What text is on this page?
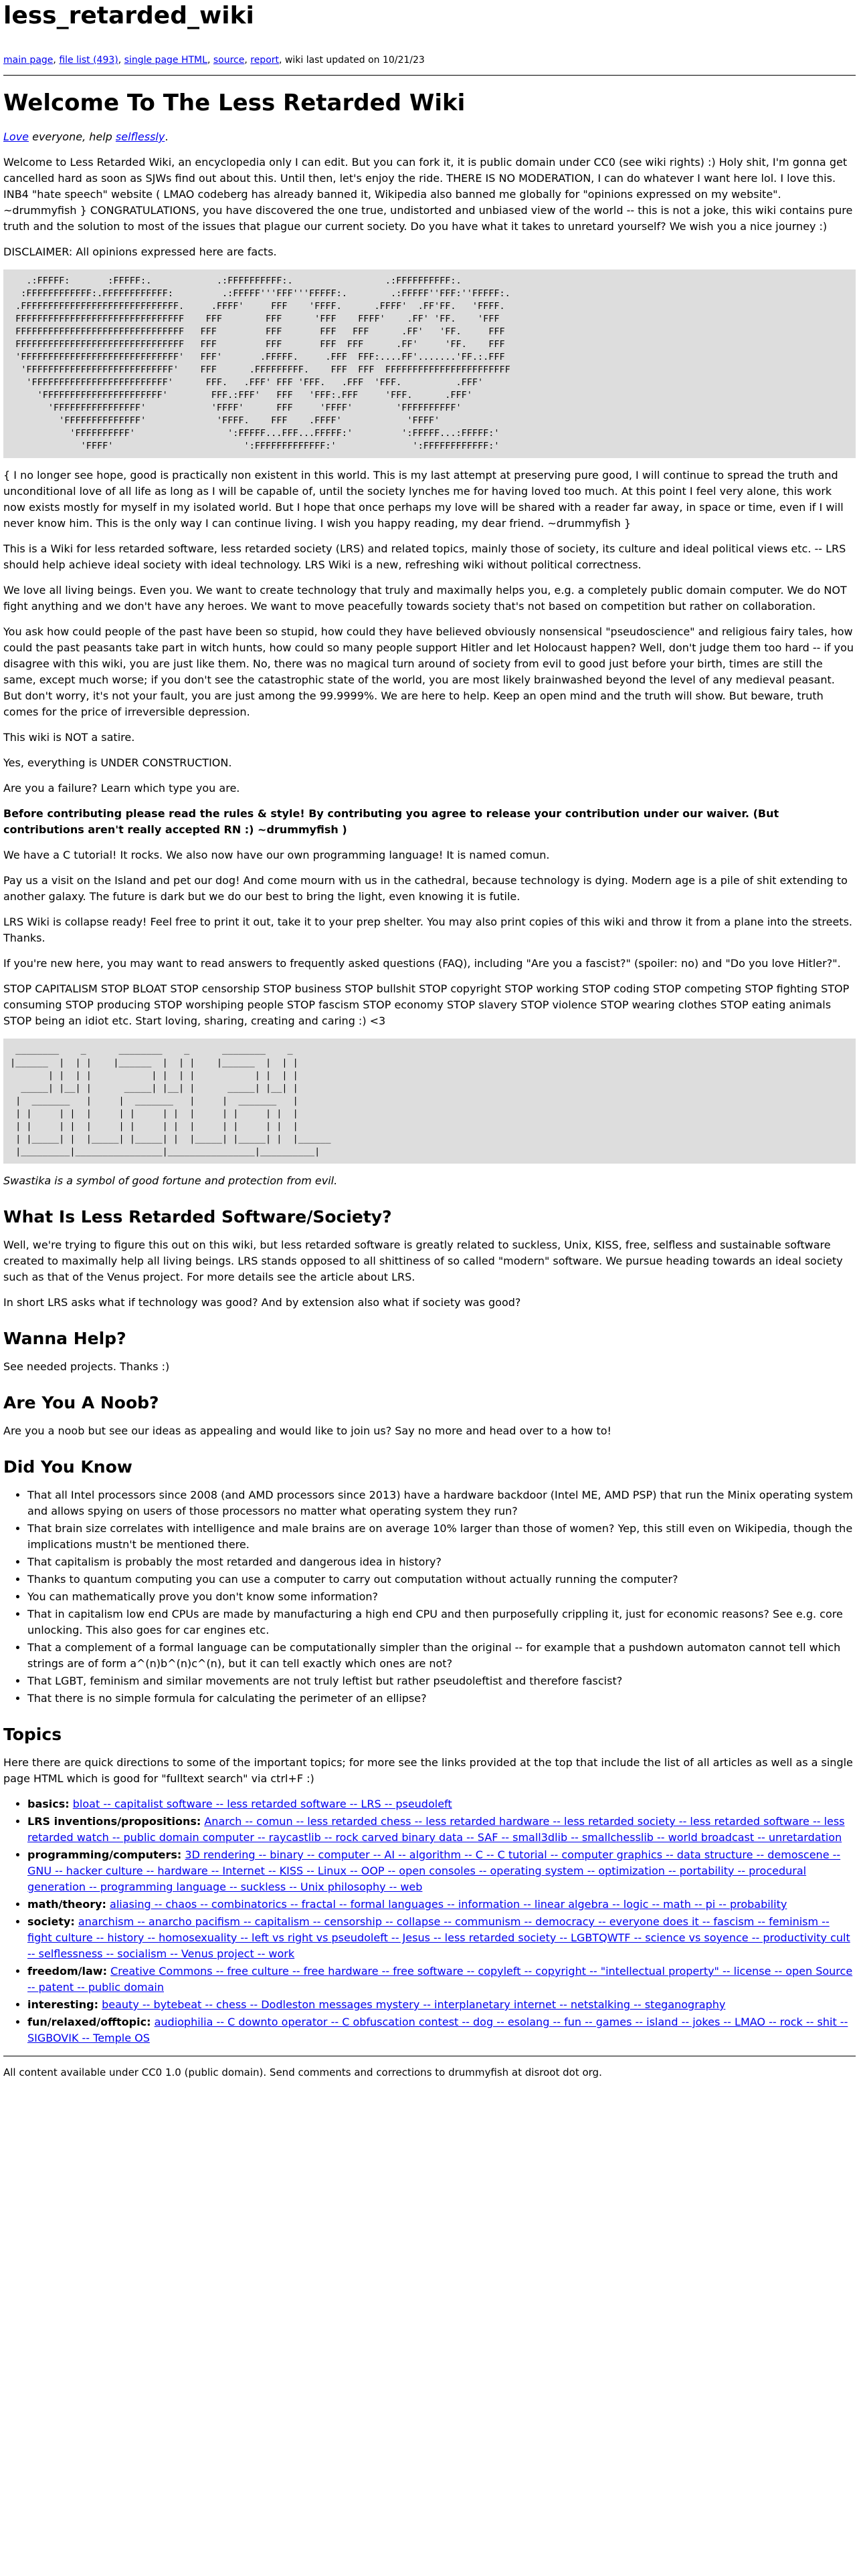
less_retarded_wiki
main page, file list (493), single page HTML, source, report, wiki last updated on 10/21/23
Welcome To The Less Retarded Wiki

Love everyone, help selflessly.

Welcome to Less Retarded Wiki, an encyclopedia only I can edit. But you can fork it, it is public domain under CC0 (see wiki rights) :) Holy shit, I'm gonna get cancelled hard as soon as SJWs find out about this. Until then, let's enjoy the ride. THERE IS NO MODERATION, I can do whatever I want here lol. I love this. INB4 "hate speech" website ( LMAO codeberg has already banned it, Wikipedia also banned me globally for "opinions expressed on my website". ~drummyfish } CONGRATULATIONS, you have discovered the one true, undistorted and unbiased view of the world -- this is not a joke, this wiki contains pure truth and the solution to most of the issues that plague our current society. Do you have what it takes to unretard yourself? We wish you a nice journey :)

DISCLAIMER: All opinions expressed here are facts.

.:FFFFF:       :FFFFF:.            .:FFFFFFFFFF:.                 .:FFFFFFFFFF:.
:FFFFFFFFFFFF:.FFFFFFFFFFFF:         .:FFFFF'''FFF'''FFFFF:.        .:FFFFF''FFF:''FFFFF:.
.FFFFFFFFFFFFFFFFFFFFFFFFFFFFF.     .FFFF'     FFF    'FFFF.      .FFFF'  .FF'FF.   'FFFF.
FFFFFFFFFFFFFFFFFFFFFFFFFFFFFFF    FFF        FFF      'FFF    FFFF'    .FF' 'FF.    'FFF
FFFFFFFFFFFFFFFFFFFFFFFFFFFFFFF   FFF         FFF       FFF   FFF      .FF'   'FF.     FFF
FFFFFFFFFFFFFFFFFFFFFFFFFFFFFFF   FFF         FFF       FFF  FFF      .FF'     'FF.    FFF
'FFFFFFFFFFFFFFFFFFFFFFFFFFFFF'   FFF'       .FFFFF.     .FFF  FFF:....FF'.......'FF.:.FFF
'FFFFFFFFFFFFFFFFFFFFFFFFFFF'    FFF      .FFFFFFFFF.    FFF  FFF  FFFFFFFFFFFFFFFFFFFFFFF
'FFFFFFFFFFFFFFFFFFFFFFFFF'      FFF.   .FFF' FFF 'FFF.   .FFF  'FFF.          .FFF'
'FFFFFFFFFFFFFFFFFFFFFF'        FFF.:FFF'   FFF   'FFF:.FFF     'FFF.      .FFF'
'FFFFFFFFFFFFFFFF'            'FFFF'      FFF     'FFFF'        'FFFFFFFFFF'
'FFFFFFFFFFFFFF'             'FFFF.    FFF    .FFFF'            'FFFF'
'FFFFFFFFFF'                 ':FFFFF...FFF...FFFFF:'         ':FFFFF...:FFFFF:'
'FFFF'                        ':FFFFFFFFFFFFF:'              ':FFFFFFFFFFFF:'

{ I no longer see hope, good is practically non existent in this world. This is my last attempt at preserving pure good, I will continue to spread the truth and unconditional love of all life as long as I will be capable of, until the society lynches me for having loved too much. At this point I feel very alone, this work now exists mostly for myself in my isolated world. But I hope that once perhaps my love will be shared with a reader far away, in space or time, even if I will never know him. This is the only way I can continue living. I wish you happy reading, my dear friend. ~drummyfish }

This is a Wiki for less retarded software, less retarded society (LRS) and related topics, mainly those of society, its culture and ideal political views etc. -- LRS should help achieve ideal society with ideal technology. LRS Wiki is a new, refreshing wiki without political correctness.

We love all living beings. Even you. We want to create technology that truly and maximally helps you, e.g. a completely public domain computer. We do NOT fight anything and we don't have any heroes. We want to move peacefully towards society that's not based on competition but rather on collaboration.

You ask how could people of the past have been so stupid, how could they have believed obviously nonsensical "pseudoscience" and religious fairy tales, how could the past peasants take part in witch hunts, how could so many people support Hitler and let Holocaust happen? Well, don't judge them too hard -- if you disagree with this wiki, you are just like them. No, there was no magical turn around of society from evil to good just before your birth, times are still the same, except much worse; if you don't see the catastrophic state of the world, you are most likely brainwashed beyond the level of any medieval peasant. But don't worry, it's not your fault, you are just among the 99.9999%. We are here to help. Keep an open mind and the truth will show. But beware, truth comes for the price of irreversible depression.

This wiki is NOT a satire.

Yes, everything is UNDER CONSTRUCTION.

Are you a failure? Learn which type you are.

Before contributing please read the rules & style! By contributing you agree to release your contribution under our waiver. (But contributions aren't really accepted RN :) ~drummyfish )

We have a C tutorial! It rocks. We also now have our own programming language! It is named comun.

Pay us a visit on the Island and pet our dog! And come mourn with us in the cathedral, because technology is dying. Modern age is a pile of shit extending to another galaxy. The future is dark but we do our best to bring the light, even knowing it is futile.

LRS Wiki is collapse ready! Feel free to print it out, take it to your prep shelter. You may also print copies of this wiki and throw it from a plane into the streets. Thanks.

If you're new here, you may want to read answers to frequently asked questions (FAQ), including "Are you a fascist?" (spoiler: no) and "Do you love Hitler?".

STOP CAPITALISM STOP BLOAT STOP censorship STOP business STOP bullshit STOP copyright STOP working STOP coding STOP competing STOP fighting STOP consuming STOP producing STOP worshiping people STOP fascism STOP economy STOP slavery STOP violence STOP wearing clothes STOP eating animals STOP being an idiot etc. Start loving, sharing, creating and caring :) <3

________    _      ________    _      ________    _
|______  |  | |    |______  |  | |    |______  |  | |
| |  | |           | |  | |           | |  | |
_____| |__| |      _____| |__| |      _____| |__| |
|  _______   |     |  _______   |     |  _______   |
| |     | |  |     | |     | |  |     | |     | |  |
| |     | |  |     | |     | |  |     | |     | |  |
| |_____| |  |_____| |_____| |  |_____| |_____| |  |______
|_________|________________|________________|__________|

Swastika is a symbol of good fortune and protection from evil.

What Is Less Retarded Software/Society?

Well, we're trying to figure this out on this wiki, but less retarded software is greatly related to suckless, Unix, KISS, free, selfless and sustainable software created to maximally help all living beings. LRS stands opposed to all shittiness of so called "modern" software. We pursue heading towards an ideal society such as that of the Venus project. For more details see the article about LRS.

In short LRS asks what if technology was good? And by extension also what if society was good?

Wanna Help?

See needed projects. Thanks :)

Are You A Noob?

Are you a noob but see our ideas as appealing and would like to join us? Say no more and head over to a how to!

Did You Know
• That all Intel processors since 2008 (and AMD processors since 2013) have a hardware backdoor (Intel ME, AMD PSP) that run the Minix operating system and allows spying on users of those processors no matter what operating system they run?
• That brain size correlates with intelligence and male brains are on average 10% larger than those of women? Yep, this still even on Wikipedia, though the implications mustn't be mentioned there.
• That capitalism is probably the most retarded and dangerous idea in history?
• Thanks to quantum computing you can use a computer to carry out computation without actually running the computer?
• You can mathematically prove you don't know some information?
• That in capitalism low end CPUs are made by manufacturing a high end CPU and then purposefully crippling it, just for economic reasons? See e.g. core unlocking. This also goes for car engines etc.
• That a complement of a formal language can be computationally simpler than the original -- for example that a pushdown automaton cannot tell which strings are of form a^(n)b^(n)c^(n), but it can tell exactly which ones are not?
• That LGBT, feminism and similar movements are not truly leftist but rather pseudoleftist and therefore fascist?
• That there is no simple formula for calculating the perimeter of an ellipse?
Topics

Here there are quick directions to some of the important topics; for more see the links provided at the top that include the list of all articles as well as a single page HTML which is good for "fulltext search" via ctrl+F :)

• basics: bloat -- capitalist software -- less retarded software -- LRS -- pseudoleft
• LRS inventions/propositions: Anarch -- comun -- less retarded chess -- less retarded hardware -- less retarded society -- less retarded software -- less retarded watch -- public domain computer -- raycastlib -- rock carved binary data -- SAF -- small3dlib -- smallchesslib -- world broadcast -- unretardation
• programming/computers: 3D rendering -- binary -- computer -- AI -- algorithm -- C -- C tutorial -- computer graphics -- data structure -- demoscene -- GNU -- hacker culture -- hardware -- Internet -- KISS -- Linux -- OOP -- open consoles -- operating system -- optimization -- portability -- procedural generation -- programming language -- suckless -- Unix philosophy -- web
• math/theory: aliasing -- chaos -- combinatorics -- fractal -- formal languages -- information -- linear algebra -- logic -- math -- pi -- probability
• society: anarchism -- anarcho pacifism -- capitalism -- censorship -- collapse -- communism -- democracy -- everyone does it -- fascism -- feminism -- fight culture -- history -- homosexuality -- left vs right vs pseudoleft -- Jesus -- less retarded society -- LGBTQWTF -- science vs soyence -- productivity cult -- selflessness -- socialism -- Venus project -- work
• freedom/law: Creative Commons -- free culture -- free hardware -- free software -- copyleft -- copyright -- "intellectual property" -- license -- open Source -- patent -- public domain
• interesting: beauty -- bytebeat -- chess -- Dodleston messages mystery -- interplanetary internet -- netstalking -- steganography
• fun/relaxed/offtopic: audiophilia -- C downto operator -- C obfuscation contest -- dog -- esolang -- fun -- games -- island -- jokes -- LMAO -- rock -- shit -- SIGBOVIK -- Temple OS

All content available under CC0 1.0 (public domain). Send comments and corrections to drummyfish at disroot dot org.
